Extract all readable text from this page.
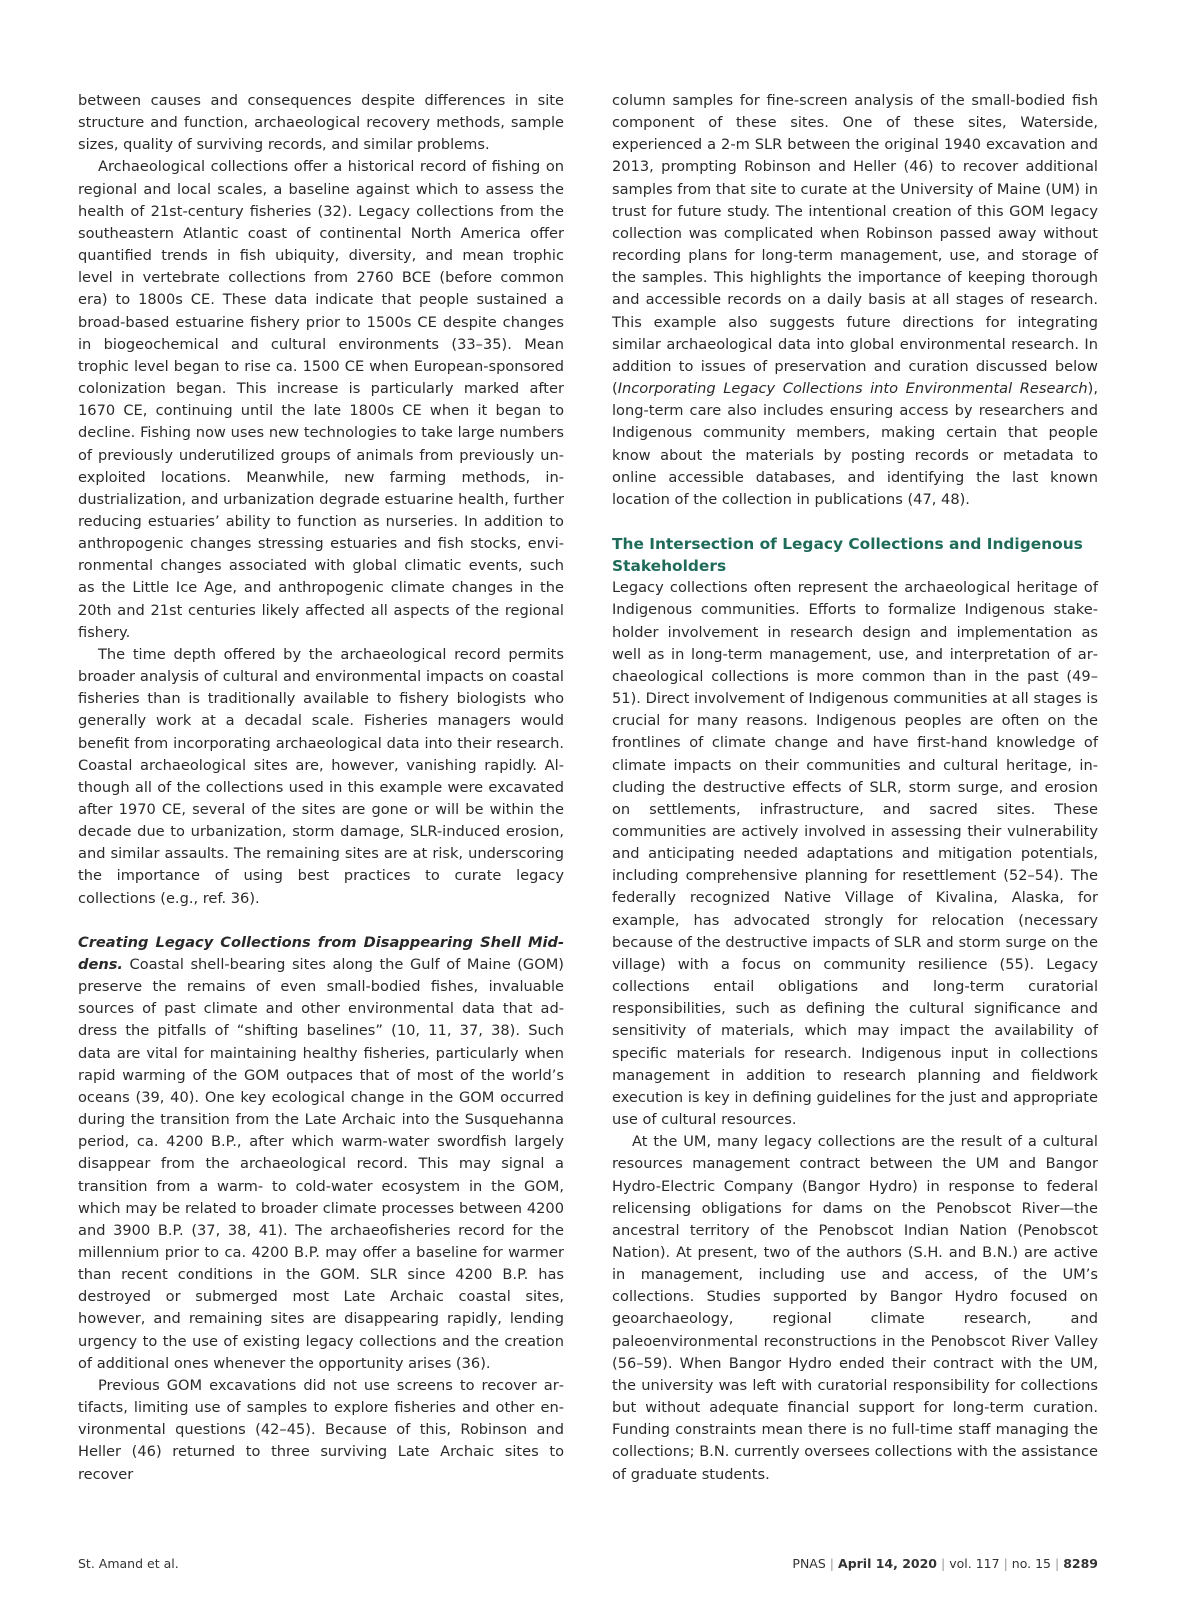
between causes and consequences despite differences in site structure and function, archaeological recovery methods, sample sizes, quality of surviving records, and similar problems.

Archaeological collections offer a historical record of fishing on regional and local scales, a baseline against which to assess the health of 21st-century fisheries (32). Legacy collections from the southeastern Atlantic coast of continental North America offer quantified trends in fish ubiquity, diversity, and mean trophic level in vertebrate collections from 2760 BCE (before common era) to 1800s CE. These data indicate that people sustained a broad-based estuarine fishery prior to 1500s CE despite changes in biogeochemical and cultural environments (33–35). Mean trophic level began to rise ca. 1500 CE when European-sponsored colonization began. This increase is particularly marked after 1670 CE, continuing until the late 1800s CE when it began to decline. Fishing now uses new technologies to take large numbers of previously underutilized groups of animals from previously unexploited locations. Meanwhile, new farming methods, industrialization, and urbanization degrade estuarine health, further reducing estuaries’ ability to function as nurseries. In addition to anthropogenic changes stressing estuaries and fish stocks, environmental changes associated with global climatic events, such as the Little Ice Age, and anthropogenic climate changes in the 20th and 21st centuries likely affected all aspects of the regional fishery.

The time depth offered by the archaeological record permits broader analysis of cultural and environmental impacts on coastal fisheries than is traditionally available to fishery biologists who generally work at a decadal scale. Fisheries managers would benefit from incorporating archaeological data into their research. Coastal archaeological sites are, however, vanishing rapidly. Although all of the collections used in this example were excavated after 1970 CE, several of the sites are gone or will be within the decade due to urbanization, storm damage, SLR-induced erosion, and similar assaults. The remaining sites are at risk, underscoring the importance of using best practices to curate legacy collections (e.g., ref. 36).

Creating Legacy Collections from Disappearing Shell Middens. Coastal shell-bearing sites along the Gulf of Maine (GOM) preserve the remains of even small-bodied fishes, invaluable sources of past climate and other environmental data that address the pitfalls of “shifting baselines” (10, 11, 37, 38). Such data are vital for maintaining healthy fisheries, particularly when rapid warming of the GOM outpaces that of most of the world’s oceans (39, 40). One key ecological change in the GOM occurred during the transition from the Late Archaic into the Susquehanna period, ca. 4200 B.P., after which warm-water swordfish largely disappear from the archaeological record. This may signal a transition from a warm- to cold-water ecosystem in the GOM, which may be related to broader climate processes between 4200 and 3900 B.P. (37, 38, 41). The archaeofisheries record for the millennium prior to ca. 4200 B.P. may offer a baseline for warmer than recent conditions in the GOM. SLR since 4200 B.P. has destroyed or submerged most Late Archaic coastal sites, however, and remaining sites are disappearing rapidly, lending urgency to the use of existing legacy collections and the creation of additional ones whenever the opportunity arises (36).

Previous GOM excavations did not use screens to recover artifacts, limiting use of samples to explore fisheries and other environmental questions (42–45). Because of this, Robinson and Heller (46) returned to three surviving Late Archaic sites to recover

column samples for fine-screen analysis of the small-bodied fish component of these sites. One of these sites, Waterside, experienced a 2-m SLR between the original 1940 excavation and 2013, prompting Robinson and Heller (46) to recover additional samples from that site to curate at the University of Maine (UM) in trust for future study. The intentional creation of this GOM legacy collection was complicated when Robinson passed away without recording plans for long-term management, use, and storage of the samples. This highlights the importance of keeping thorough and accessible records on a daily basis at all stages of research. This example also suggests future directions for integrating similar archaeological data into global environmental research. In addition to issues of preservation and curation discussed below (Incorporating Legacy Collections into Environmental Research), long-term care also includes ensuring access by researchers and Indigenous community members, making certain that people know about the materials by posting records or metadata to online accessible databases, and identifying the last known location of the collection in publications (47, 48).

The Intersection of Legacy Collections and Indigenous Stakeholders

Legacy collections often represent the archaeological heritage of Indigenous communities. Efforts to formalize Indigenous stakeholder involvement in research design and implementation as well as in long-term management, use, and interpretation of archaeological collections is more common than in the past (49–51). Direct involvement of Indigenous communities at all stages is crucial for many reasons. Indigenous peoples are often on the frontlines of climate change and have first-hand knowledge of climate impacts on their communities and cultural heritage, including the destructive effects of SLR, storm surge, and erosion on settlements, infrastructure, and sacred sites. These communities are actively involved in assessing their vulnerability and anticipating needed adaptations and mitigation potentials, including comprehensive planning for resettlement (52–54). The federally recognized Native Village of Kivalina, Alaska, for example, has advocated strongly for relocation (necessary because of the destructive impacts of SLR and storm surge on the village) with a focus on community resilience (55). Legacy collections entail obligations and long-term curatorial responsibilities, such as defining the cultural significance and sensitivity of materials, which may impact the availability of specific materials for research. Indigenous input in collections management in addition to research planning and fieldwork execution is key in defining guidelines for the just and appropriate use of cultural resources.

At the UM, many legacy collections are the result of a cultural resources management contract between the UM and Bangor Hydro-Electric Company (Bangor Hydro) in response to federal relicensing obligations for dams on the Penobscot River—the ancestral territory of the Penobscot Indian Nation (Penobscot Nation). At present, two of the authors (S.H. and B.N.) are active in management, including use and access, of the UM’s collections. Studies supported by Bangor Hydro focused on geoarchaeology, regional climate research, and paleoenvironmental reconstructions in the Penobscot River Valley (56–59). When Bangor Hydro ended their contract with the UM, the university was left with curatorial responsibility for collections but without adequate financial support for long-term curation. Funding constraints mean there is no full-time staff managing the collections; B.N. currently oversees collections with the assistance of graduate students.

St. Amand et al.	PNAS | April 14, 2020 | vol. 117 | no. 15 | 8289
